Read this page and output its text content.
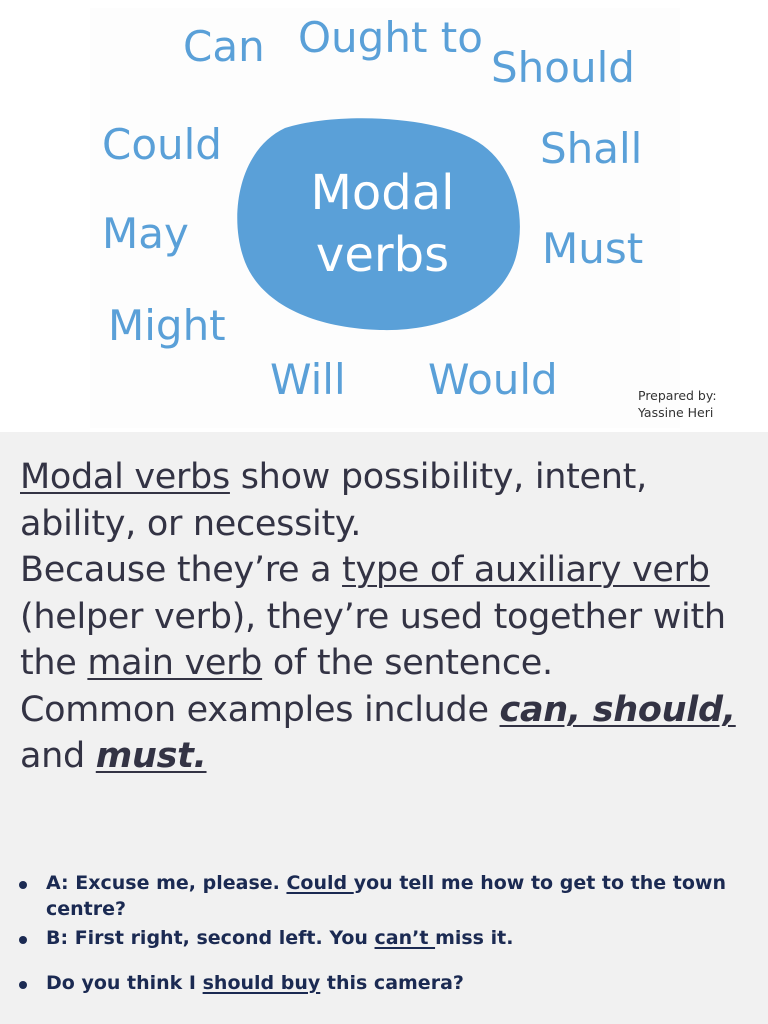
Can Ought to
Should
Could	Shall
May	Must
Might
Will Would
Modal
verbs
Prepared by:
Yassine Heri
Modal verbs show possibility, intent, ability, or necessity.
Because they’re a type of auxiliary verb (helper verb), they’re used together with the main verb of the sentence.
Common examples include can, should, and must.
A: Excuse me, please. Could you tell me how to get to the town centre?
B: First right, second left. You can’t miss it.
Do you think I should buy this camera?
